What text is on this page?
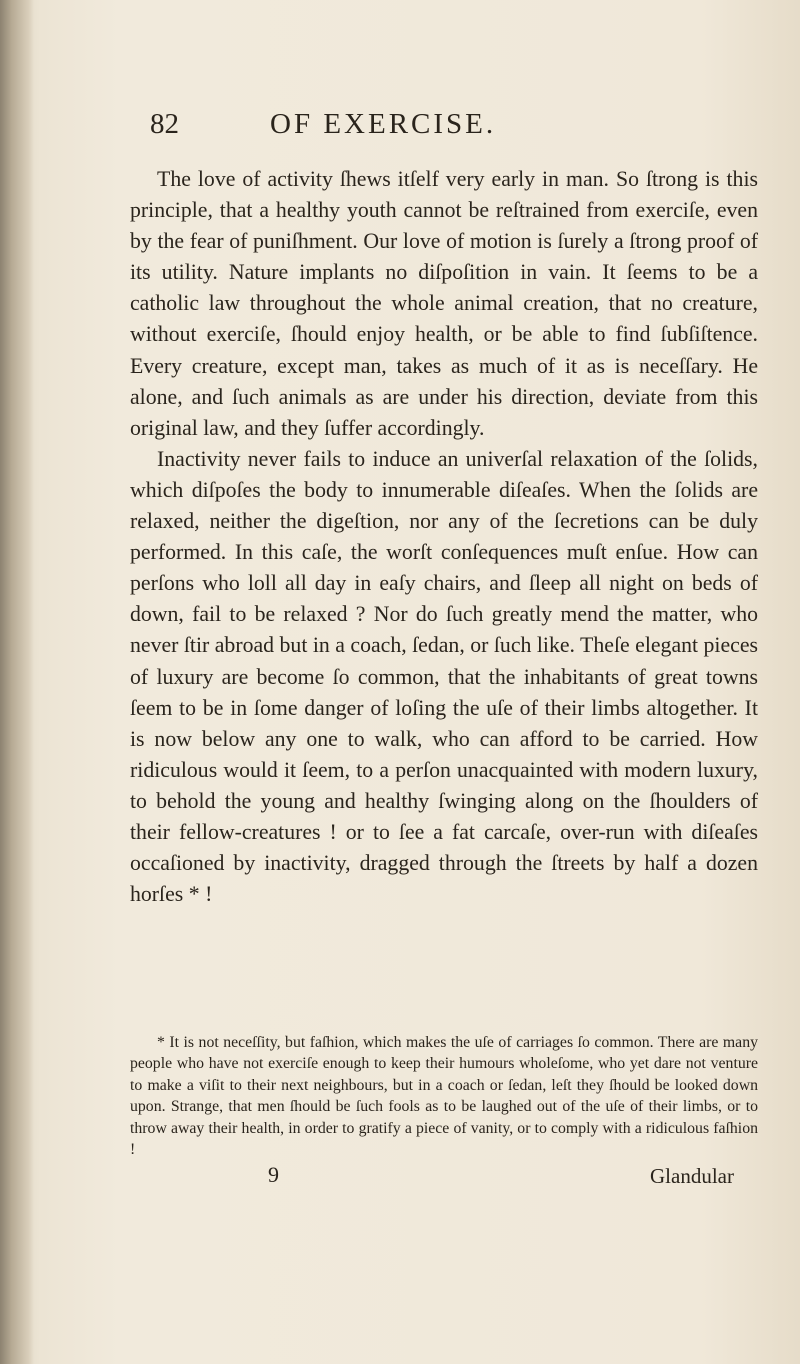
82	OF EXERCISE.

The love of activity ſhews itſelf very early in man. So ſtrong is this principle, that a healthy youth cannot be reſtrained from exerciſe, even by the fear of puniſhment. Our love of motion is ſurely a ſtrong proof of its utility. Nature implants no diſpoſition in vain. It ſeems to be a catholic law throughout the whole animal creation, that no creature, without exerciſe, ſhould enjoy health, or be able to find ſubſiſtence. Every creature, except man, takes as much of it as is neceſſary. He alone, and ſuch animals as are under his direction, deviate from this original law, and they ſuffer accordingly.

Inactivity never fails to induce an univerſal relaxation of the ſolids, which diſpoſes the body to innumerable diſeaſes. When the ſolids are relaxed, neither the digeſtion, nor any of the ſecretions can be duly performed. In this caſe, the worſt conſequences muſt enſue. How can perſons who loll all day in eaſy chairs, and ſleep all night on beds of down, fail to be relaxed ? Nor do ſuch greatly mend the matter, who never ſtir abroad but in a coach, ſedan, or ſuch like. Theſe elegant pieces of luxury are become ſo common, that the inhabitants of great towns ſeem to be in ſome danger of loſing the uſe of their limbs altogether. It is now below any one to walk, who can afford to be carried. How ridiculous would it ſeem, to a perſon unacquainted with modern luxury, to behold the young and healthy ſwinging along on the ſhoulders of their fellow-creatures ! or to ſee a fat carcaſe, over-run with diſeaſes occaſioned by inactivity, dragged through the ſtreets by half a dozen horſes * !

* It is not neceſſity, but faſhion, which makes the uſe of carriages ſo common. There are many people who have not exerciſe enough to keep their humours wholeſome, who yet dare not venture to make a viſit to their next neighbours, but in a coach or ſedan, leſt they ſhould be looked down upon. Strange, that men ſhould be ſuch fools as to be laughed out of the uſe of their limbs, or to throw away their health, in order to gratify a piece of vanity, or to comply with a ridiculous faſhion !

9	Glandular
